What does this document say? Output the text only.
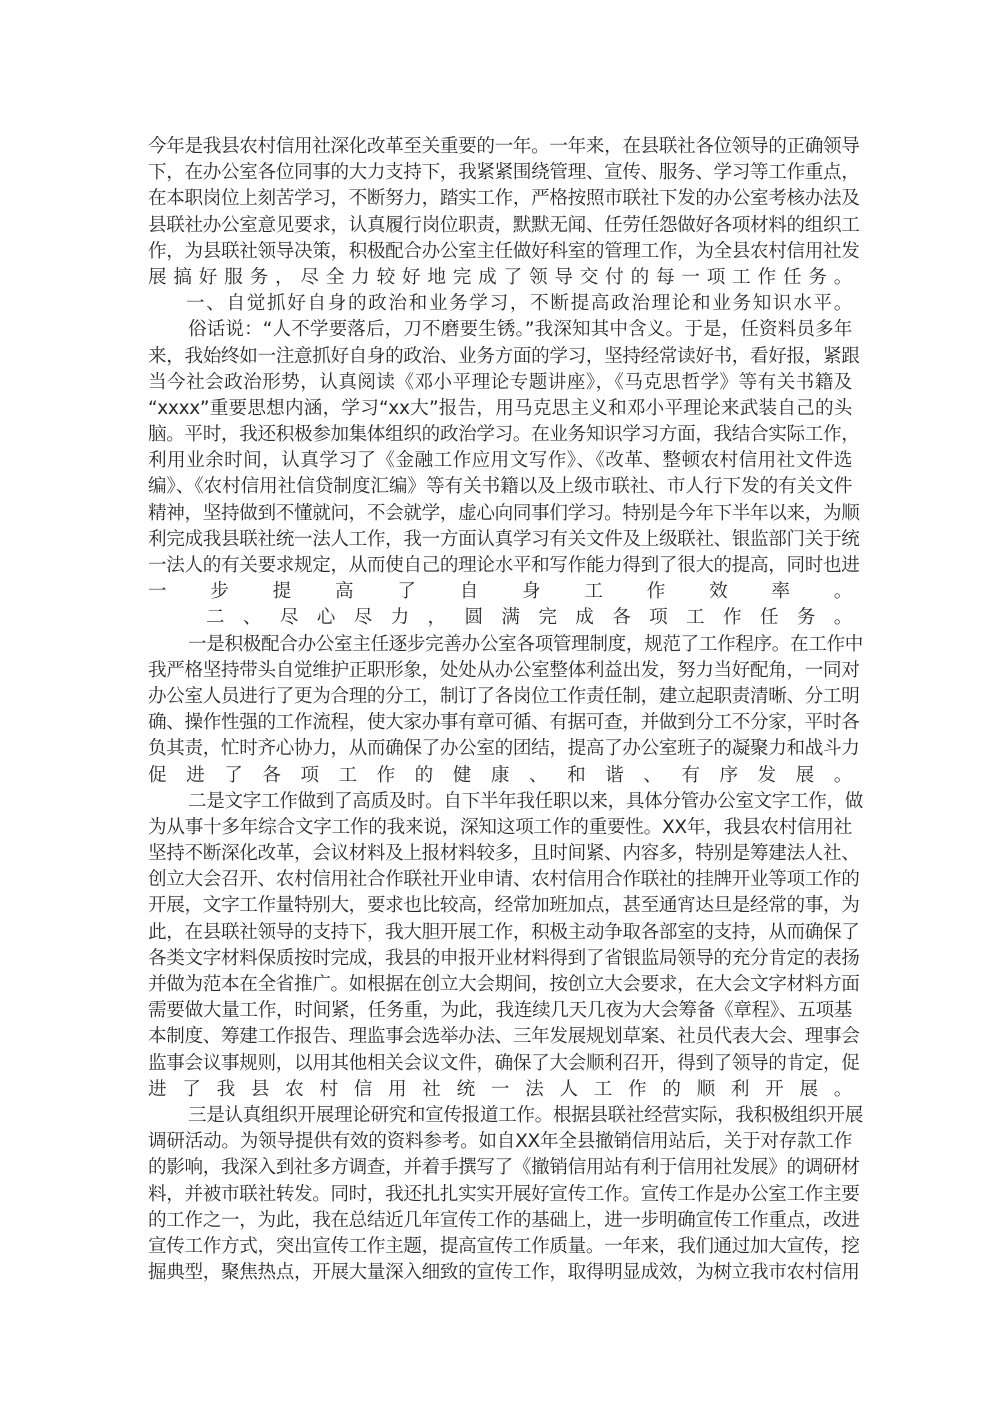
今年是我县农村信用社深化改革至关重要的一年。一年来，在县联社各位领导的正确领导
下，在办公室各位同事的大力支持下，我紧紧围绕管理、宣传、服务、学习等工作重点，
在本职岗位上刻苦学习，不断努力，踏实工作，严格按照市联社下发的办公室考核办法及
县联社办公室意见要求，认真履行岗位职责，默默无闻、任劳任怨做好各项材料的组织工
作，为县联社领导决策，积极配合办公室主任做好科室的管理工作，为全县农村信用社发
展​搞​好​服​务​，​尽​全​力​较​好​地​完​成​了​领​导​交​付​的​每​一​项​工​作​任​务​。
一、自觉抓好自身的政治和业务学习，不断提高政治理论和业务知识水平。
俗话说：“人不学要落后，刀不磨要生锈。”我深知其中含义。于是，任资料员多年
来，我始终如一注意抓好自身的政治、业务方面的学习，坚持经常读好书，看好报，紧跟
当今社会政治形势，认真阅读《邓小平理论专题讲座》，《马克思哲学》等有关书籍及
“xxxx”重要思想内涵，学习“xx大”报告，用马克思主义和邓小平理论来武装自己的头
脑。平时，我还积极参加集体组织的政治学习。在业务知识学习方面，我结合实际工作，
利用业余时间，认真学习了《金融工作应用文写作》、《改革、整顿农村信用社文件选
编》、《农村信用社信贷制度汇编》等有关书籍以及上级市联社、市人行下发的有关文件
精神，坚持做到不懂就问，不会就学，虚心向同事们学习。特别是今年下半年以来，为顺
利完成我县联社统一法人工作，我一方面认真学习有关文件及上级联社、银监部门关于统
一法人的有关要求规定，从而使自己的理论水平和写作能力得到了很大的提高，同时也进
一​步​提​高​了​自​身​工​作​效​率​。
二​、​尽​心​尽​力​，​圆​满​完​成​各​项​工​作​任​务​。
一是积极配合办公室主任逐步完善办公室各项管理制度，规范了工作程序。在工作中
我严格坚持带头自觉维护正职形象，处处从办公室整体利益出发，努力当好配角，一同对
办公室人员进行了更为合理的分工，制订了各岗位工作责任制，建立起职责清晰、分工明
确、操作性强的工作流程，使大家办事有章可循、有据可查，并做到分工不分家，平时各
负其责，忙时齐心协力，从而确保了办公室的团结，提高了办公室班子的凝聚力和战斗力
促​进​了​各​项​工​作​的​健​康​、​和​谐​、​有​序​发​展​。
二是文字工作做到了高质及时。自下半年我任职以来，具体分管办公室文字工作，做
为从事十多年综合文字工作的我来说，深知这项工作的重要性。XX年，我县农村信用社
坚持不断深化改革，会议材料及上报材料较多，且时间紧、内容多，特别是筹建法人社、
创立大会召开、农村信用社合作联社开业申请、农村信用合作联社的挂牌开业等项工作的
开展，文字工作量特别大，要求也比较高，经常加班加点，甚至通宵达旦是经常的事，为
此，在县联社领导的支持下，我大胆开展工作，积极主动争取各部室的支持，从而确保了
各类文字材料保质按时完成，我县的申报开业材料得到了省银监局领导的充分肯定的表扬
并做为范本在全省推广。如根据在创立大会期间，按创立大会要求，在大会文字材料方面
需要做大量工作，时间紧，任务重，为此，我连续几天几夜为大会筹备《章程》、五项基
本制度、筹建工作报告、理监事会选举办法、三年发展规划草案、社员代表大会、理事会
监事会议事规则，以用其他相关会议文件，确保了大会顺利召开，得到了领导的肯定，促
进​了​我​县​农​村​信​用​社​统​一​法​人​工​作​的​顺​利​开​展​。
三是认真组织开展理论研究和宣传报道工作。根据县联社经营实际，我积极组织开展
调研活动。为领导提供有效的资料参考。如自XX年全县撤销信用站后，关于对存款工作
的影响，我深入到社多方调查，并着手撰写了《撤销信用站有利于信用社发展》的调研材
料，并被市联社转发。同时，我还扎扎实实开展好宣传工作。宣传工作是办公室工作主要
的工作之一，为此，我在总结近几年宣传工作的基础上，进一步明确宣传工作重点，改进
宣传工作方式，突出宣传工作主题，提高宣传工作质量。一年来，我们通过加大宣传，挖
掘典型，聚焦热点，开展大量深入细致的宣传工作，取得明显成效，为树立我市农村信用
